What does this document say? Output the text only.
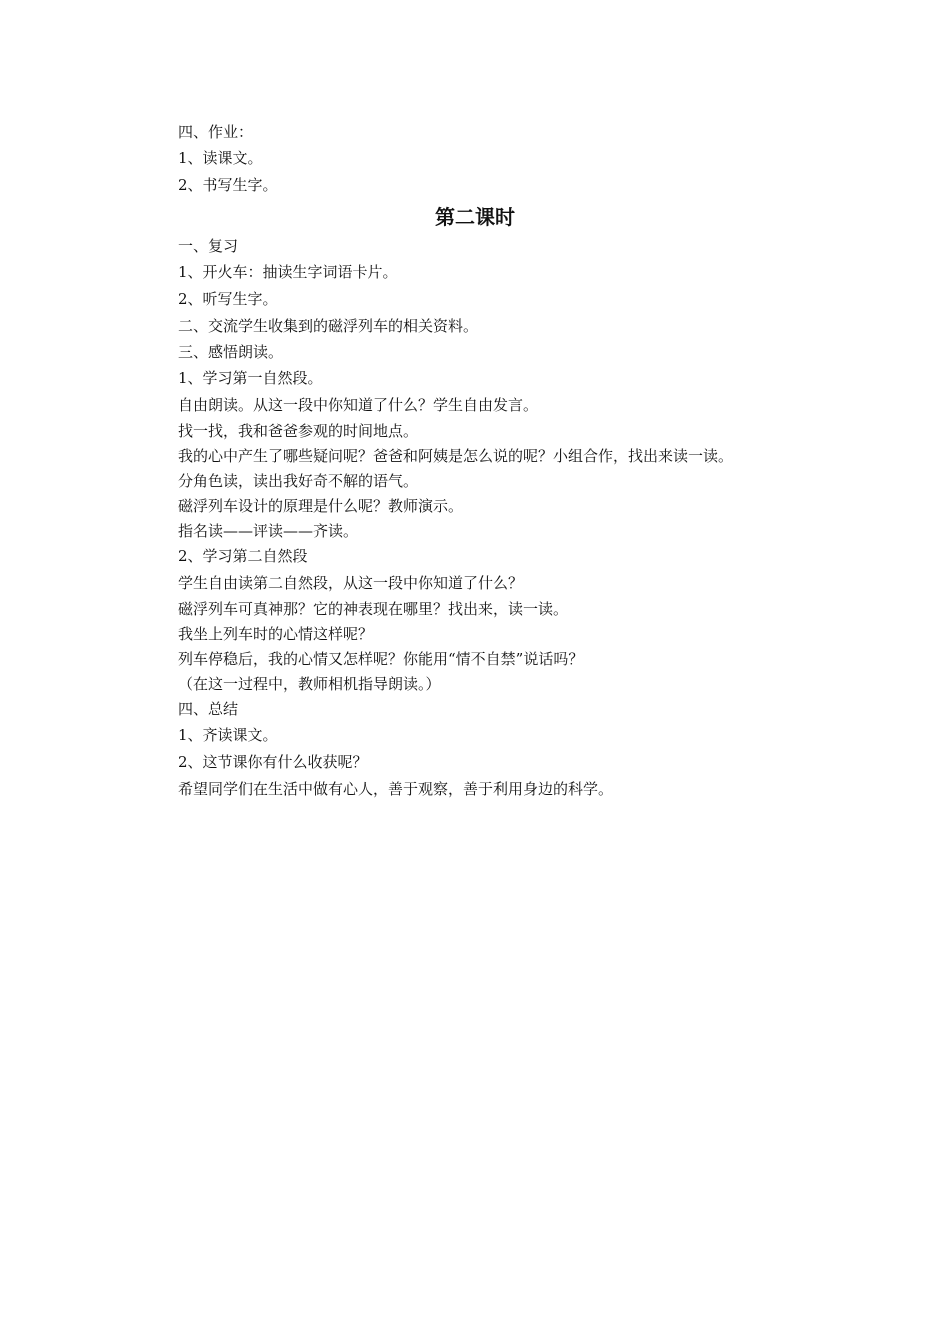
四、作业：
1、读课文。
2、书写生字。
第二课时
一、复习
1、开火车：抽读生字词语卡片。
2、听写生字。
二、交流学生收集到的磁浮列车的相关资料。
三、感悟朗读。
1、学习第一自然段。
自由朗读。从这一段中你知道了什么？学生自由发言。
找一找，我和爸爸参观的时间地点。
我的心中产生了哪些疑问呢？爸爸和阿姨是怎么说的呢？小组合作，找出来读一读。
分角色读，读出我好奇不解的语气。
磁浮列车设计的原理是什么呢？教师演示。
指名读——评读——齐读。
2、学习第二自然段
学生自由读第二自然段，从这一段中你知道了什么？
磁浮列车可真神那？它的神表现在哪里？找出来，读一读。
我坐上列车时的心情这样呢？
列车停稳后，我的心情又怎样呢？你能用“情不自禁”说话吗？
（在这一过程中，教师相机指导朗读。）
四、总结
1、齐读课文。
2、这节课你有什么收获呢？
希望同学们在生活中做有心人，善于观察，善于利用身边的科学。
